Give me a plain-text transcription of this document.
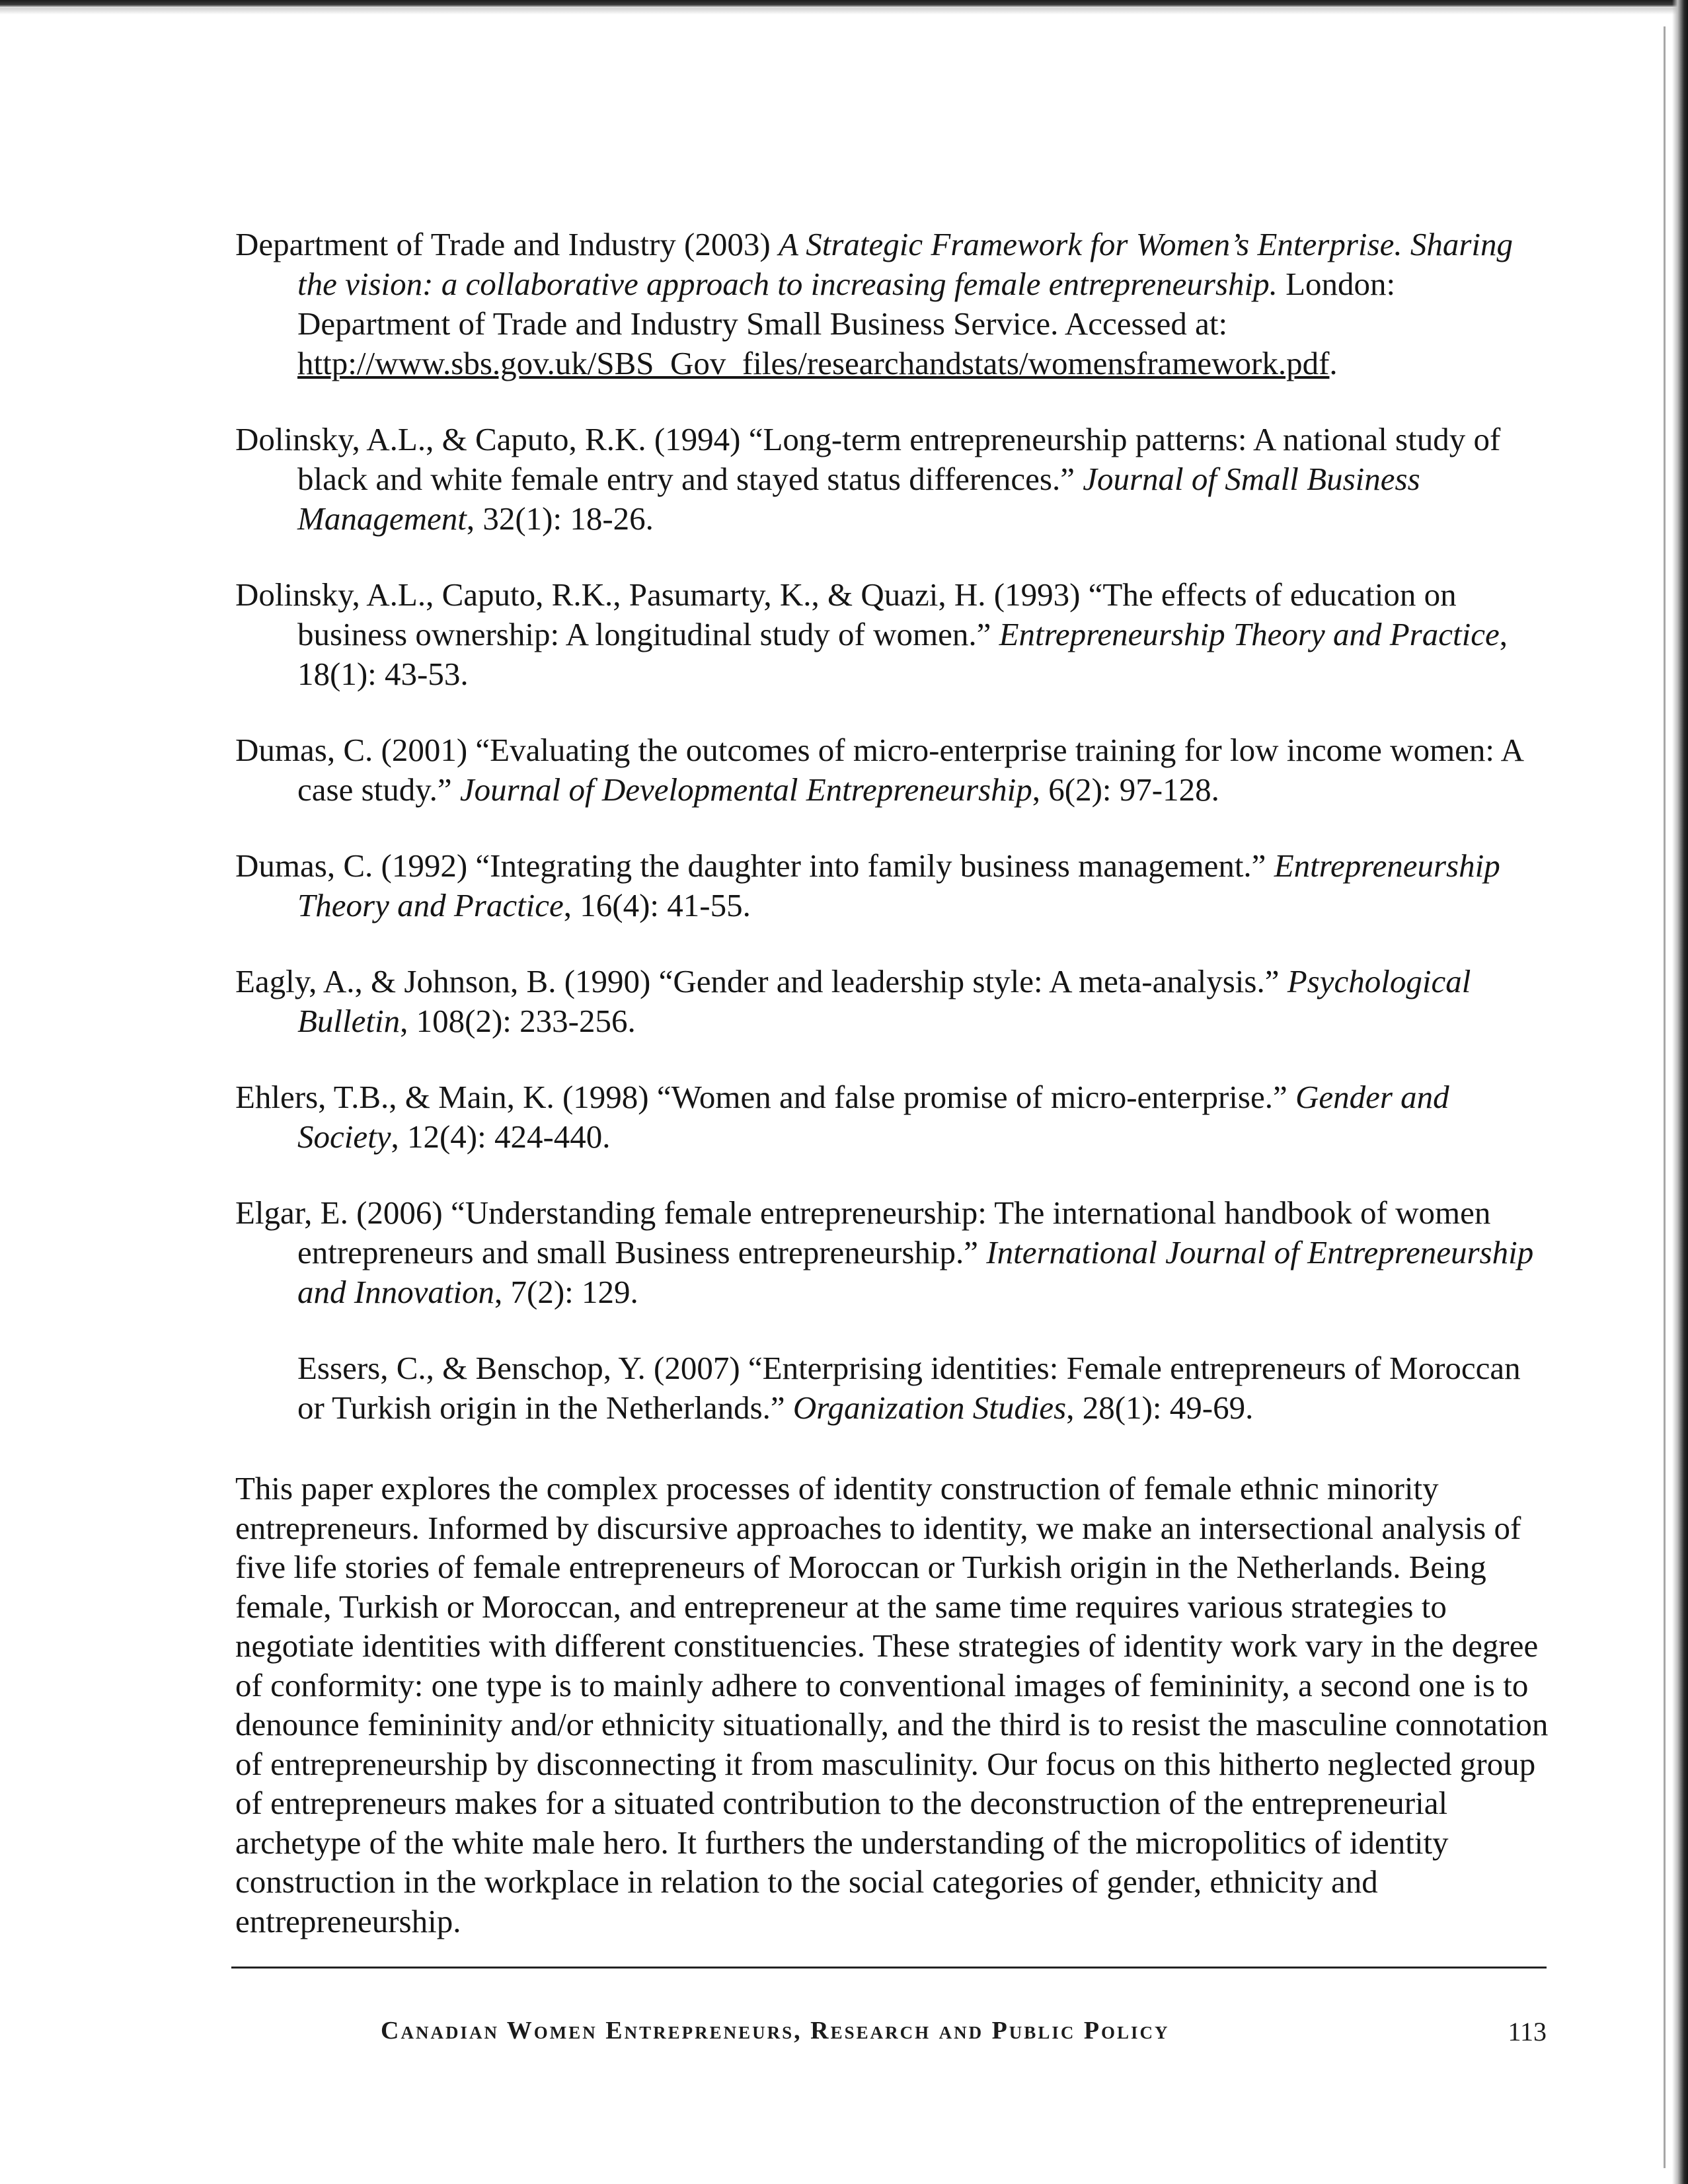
Department of Trade and Industry (2003) A Strategic Framework for Women’s Enterprise. Sharing the vision: a collaborative approach to increasing female entrepreneurship. London: Department of Trade and Industry Small Business Service. Accessed at: http://www.sbs.gov.uk/SBS_Gov_files/researchandstats/womensframework.pdf.

Dolinsky, A.L., & Caputo, R.K. (1994) “Long-term entrepreneurship patterns: A national study of black and white female entry and stayed status differences.” Journal of Small Business Management, 32(1): 18-26.

Dolinsky, A.L., Caputo, R.K., Pasumarty, K., & Quazi, H. (1993) “The effects of education on business ownership: A longitudinal study of women.” Entrepreneurship Theory and Practice, 18(1): 43-53.

Dumas, C. (2001) “Evaluating the outcomes of micro-enterprise training for low income women: A case study.” Journal of Developmental Entrepreneurship, 6(2): 97-128.

Dumas, C. (1992) “Integrating the daughter into family business management.” Entrepreneurship Theory and Practice, 16(4): 41-55.

Eagly, A., & Johnson, B. (1990) “Gender and leadership style: A meta-analysis.” Psychological Bulletin, 108(2): 233-256.

Ehlers, T.B., & Main, K. (1998) “Women and false promise of micro-enterprise.” Gender and Society, 12(4): 424-440.

Elgar, E. (2006) “Understanding female entrepreneurship: The international handbook of women entrepreneurs and small Business entrepreneurship.” International Journal of Entrepreneurship and Innovation, 7(2): 129.

Essers, C., & Benschop, Y. (2007) “Enterprising identities: Female entrepreneurs of Moroccan or Turkish origin in the Netherlands.” Organization Studies, 28(1): 49-69.

This paper explores the complex processes of identity construction of female ethnic minority entrepreneurs. Informed by discursive approaches to identity, we make an intersectional analysis of five life stories of female entrepreneurs of Moroccan or Turkish origin in the Netherlands. Being female, Turkish or Moroccan, and entrepreneur at the same time requires various strategies to negotiate identities with different constituencies. These strategies of identity work vary in the degree of conformity: one type is to mainly adhere to conventional images of femininity, a second one is to denounce femininity and/or ethnicity situationally, and the third is to resist the masculine connotation of entrepreneurship by disconnecting it from masculinity. Our focus on this hitherto neglected group of entrepreneurs makes for a situated contribution to the deconstruction of the entrepreneurial archetype of the white male hero. It furthers the understanding of the micropolitics of identity construction in the workplace in relation to the social categories of gender, ethnicity and entrepreneurship.

Canadian Women Entrepreneurs, Research and Public Policy	113
